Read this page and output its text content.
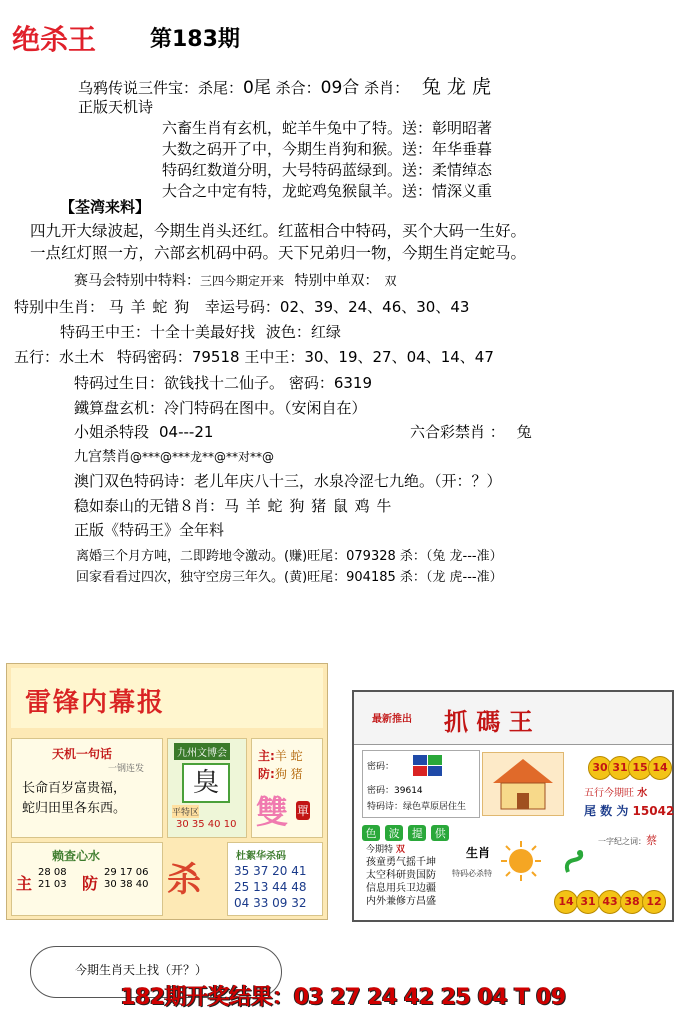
绝杀王 第183期
乌鸦传说三件宝：杀尾：0尾 杀合：09合 杀肖： 兔 龙 虎
正版天机诗
六畜生肖有玄机，蛇羊牛兔中了特。送：彰明昭著
大数之码开了中，今期生肖狗和猴。送：年华垂暮
特码红数道分明，大号特码蓝绿到。送：柔情绰态
大合之中定有特，龙蛇鸡兔猴鼠羊。送：情深义重
【荃湾来料】
四九开大绿波起，今期生肖头还红。红蓝相合中特码，买个大码一生好。
一点红灯照一方，六部玄机码中码。天下兄弟归一物，今期生肖定蛇马。
赛马会特别中特料：三四今期定开来 特别中单双： 双
特别中生肖： 马 羊 蛇 狗 幸运号码：02、39、24、46、30、43
特码王中王：十全十美最好找 波色：红绿
五行：水土木 特码密码：79518 王中王：30、19、27、04、14、47
特码过生日：欲钱找十二仙子。 密码：6319
鐵算盘玄机：冷门特码在图中。（安闲自在）
小姐杀特段 04---21	六合彩禁肖 ： 兔
九宫禁肖@***@***龙**@**对**@
澳门双色特码诗：老儿年庆八十三，水泉冷涩七九绝。（开：？）
稳如泰山的无错８肖：马 羊 蛇 狗 猪 鼠 鸡 牛
正版《特码王》全年料
离婚三个月方吨，二即跨地令激动。(赚)旺尾：079328 杀：（兔 龙---准）
回家看看过四次，独守空房三年久。(黄)旺尾：904185 杀：（龙 虎---准）
雷锋内幕报
天机一句话
一钢连发
长命百岁富贵福，
蛇归田里各东西。
九州文博会
臭
平特区
30 35 40 10
主:羊 蛇
防:狗 猪
雙 單
赖查心水
主
28 08
21 03 防
29 17 06
30 38 40 杀
杜絮华杀码
35 37 20 41
25 13 44 48
04 33 09 32
最新推出 抓 碼 王
密码：
密码：39614
特码诗：绿色草原居住生
30 31 15 14
五行今期旺 水
尾 数 为 15042
色 波 提 供
今期特 双
孩童勇气摇千坤
太空科研贵国防
信息用兵卫边疆
内外兼修方昌盛
生肖
特码必杀特
一字纪之词：蔡
14 31 43 38 12
今期生肖天上找（开？）
182期开奖结果：03 27 24 42 25 04 T 09
